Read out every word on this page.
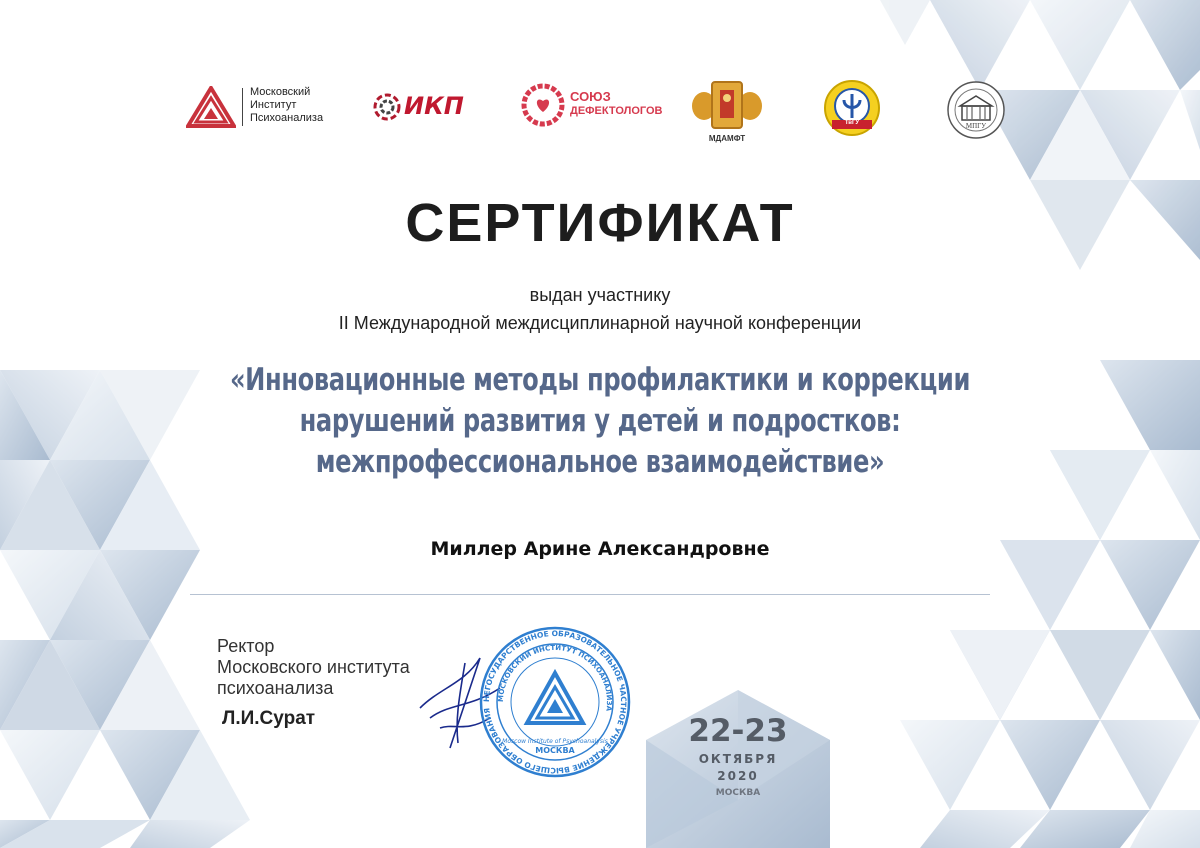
Московский
Институт
Психоанализа	ИКП	СОЮЗ
ДЕФЕКТОЛОГОВ
МДАМФТ
ТвГУ	МПГУ
СЕРТИФИКАТ
выдан участнику
II Международной междисциплинарной научной конференции
«Инновационные методы профилактики и коррекции
нарушений развития у детей и подростков:
межпрофессиональное взаимодействие»
Миллер Арине Александровне
Ректор
Московского института
психоанализа
Л.И.Сурат
НЕГОСУДАРСТВЕННОЕ ОБРАЗОВАТЕЛЬНОЕ ЧАСТНОЕ УЧРЕЖДЕНИЕ ВЫСШЕГО ОБРАЗОВАНИЯ
МОСКОВСКИЙ ИНСТИТУТ ПСИХОАНАЛИЗА
Moscow Institute of Psychoanalysis
МОСКВА
22-23
ОКТЯБРЯ
2020
МОСКВА
